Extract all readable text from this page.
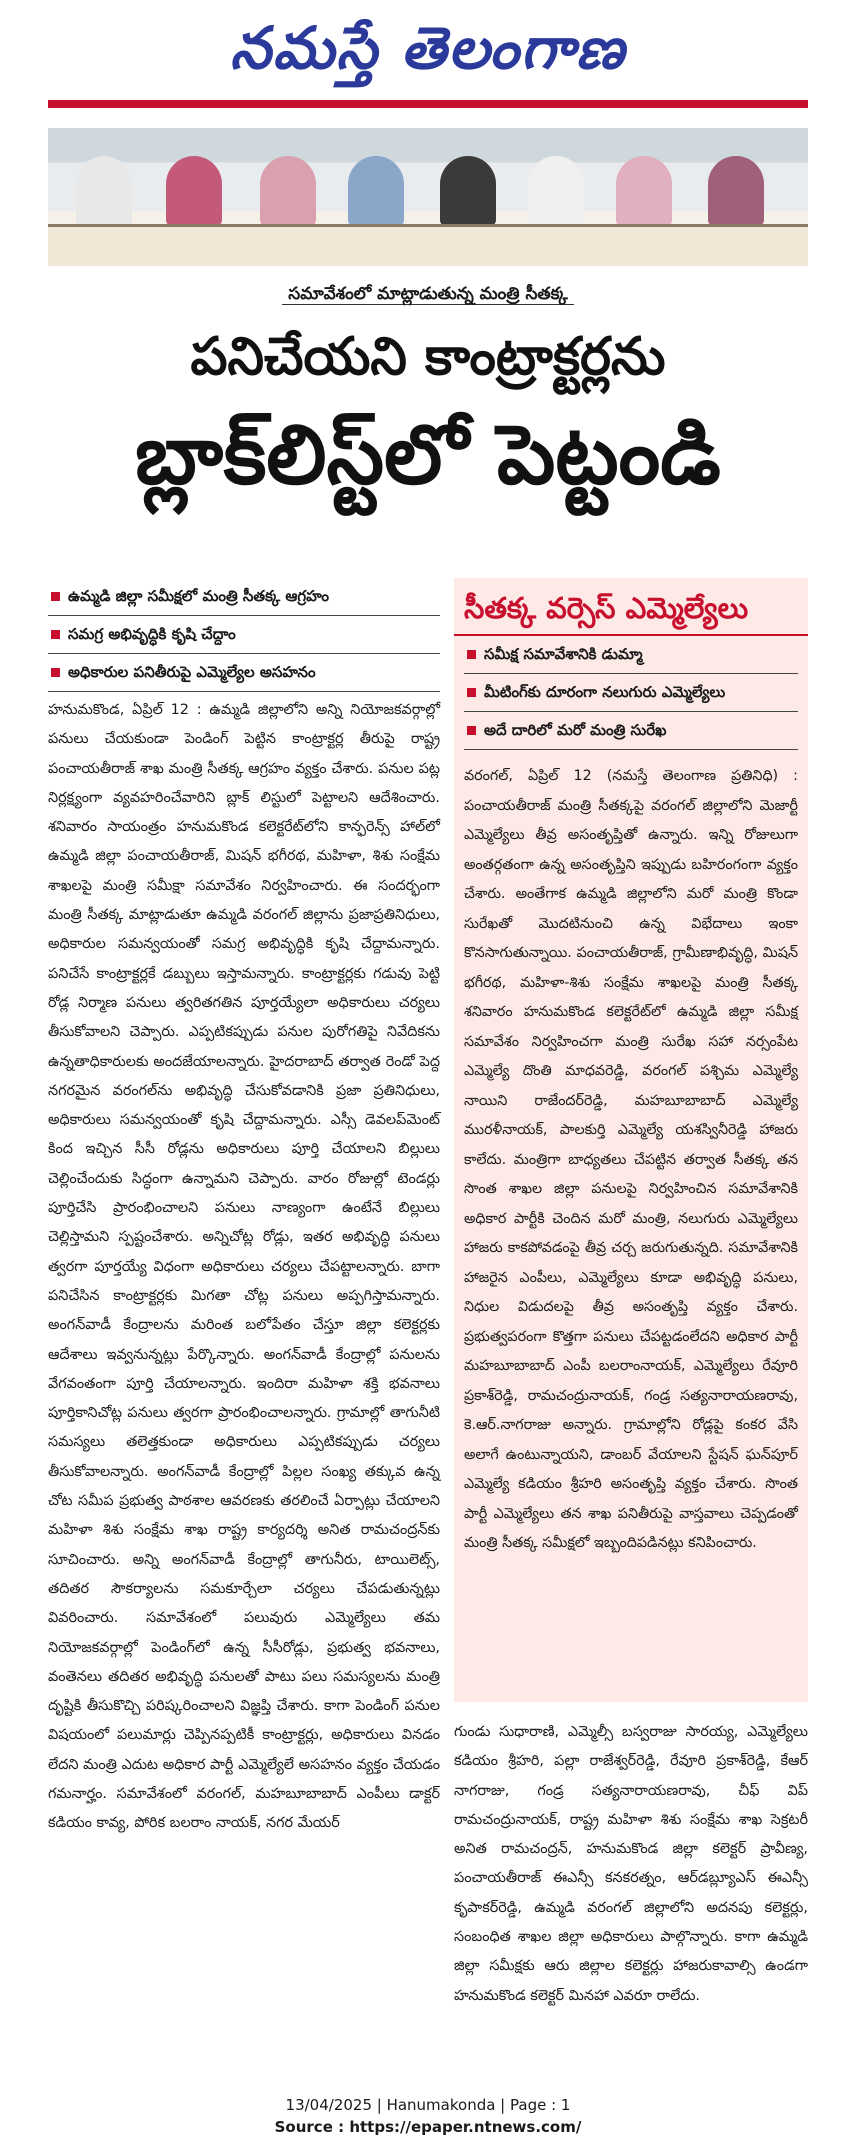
నమస్తే తెలంగాణ
సమావేశంలో మాట్లాడుతున్న మంత్రి సీతక్క
పనిచేయని కాంట్రాక్టర్లను
బ్లాక్‌లిస్ట్‌లో పెట్టండి
ఉమ్మడి జిల్లా సమీక్షలో మంత్రి సీతక్క ఆగ్రహం
సమగ్ర అభివృద్ధికి కృషి చేద్దాం
అధికారుల పనితీరుపై ఎమ్మెల్యేల అసహనం
హనుమకొండ, ఏప్రిల్ 12 : ఉమ్మడి జిల్లాలోని అన్ని నియోజకవర్గాల్లో పనులు చేయకుండా పెండింగ్ పెట్టిన కాంట్రాక్టర్ల తీరుపై రాష్ట్ర పంచాయతీరాజ్ శాఖ మంత్రి సీతక్క ఆగ్రహం వ్యక్తం చేశారు. పనుల పట్ల నిర్లక్ష్యంగా వ్యవహరించేవారిని బ్లాక్ లిస్టులో పెట్టాలని ఆదేశించారు. శనివారం సాయంత్రం హనుమకొండ కలెక్టరేట్‌లోని కాన్ఫరెన్స్ హాల్‌లో ఉమ్మడి జిల్లా పంచాయతీరాజ్, మిషన్ భగీరథ, మహిళా, శిశు సంక్షేమ శాఖలపై మంత్రి సమీక్షా సమావేశం నిర్వహించారు. ఈ సందర్భంగా మంత్రి సీతక్క మాట్లాడుతూ ఉమ్మడి వరంగల్ జిల్లాను ప్రజాప్రతినిధులు, అధికారుల సమన్వయంతో సమగ్ర అభివృద్ధికి కృషి చేద్దామన్నారు. పనిచేసే కాంట్రాక్టర్లకే డబ్బులు ఇస్తామన్నారు. కాంట్రాక్టర్లకు గడువు పెట్టి రోడ్ల నిర్మాణ పనులు త్వరితగతిన పూర్తయ్యేలా అధికారులు చర్యలు తీసుకోవాలని చెప్పారు. ఎప్పటికప్పుడు పనుల పురోగతిపై నివేదికను ఉన్నతాధికారులకు అందజేయాలన్నారు. హైదరాబాద్ తర్వాత రెండో పెద్ద నగరమైన వరంగల్‌ను అభివృద్ధి చేసుకోవడానికి ప్రజా ప్రతినిధులు, అధికారులు సమన్వయంతో కృషి చేద్దామన్నారు. ఎస్సీ డెవలప్‌మెంట్ కింద ఇచ్చిన సీసీ రోడ్లను అధికారులు పూర్తి చేయాలని బిల్లులు చెల్లించేందుకు సిద్ధంగా ఉన్నామని చెప్పారు. వారం రోజుల్లో టెండర్లు పూర్తిచేసి ప్రారంభించాలని పనులు నాణ్యంగా ఉంటేనే బిల్లులు చెల్లిస్తామని స్పష్టంచేశారు. అన్నిచోట్ల రోడ్లు, ఇతర అభివృద్ధి పనులు త్వరగా పూర్తయ్యే విధంగా అధికారులు చర్యలు చేపట్టాలన్నారు. బాగా పనిచేసిన కాంట్రాక్టర్లకు మిగతా చోట్ల పనులు అప్పగిస్తామన్నారు. అంగన్‌వాడీ కేంద్రాలను మరింత బలోపేతం చేస్తూ జిల్లా కలెక్టర్లకు ఆదేశాలు ఇవ్వనున్నట్లు పేర్కొన్నారు. అంగన్‌వాడీ కేంద్రాల్లో పనులను వేగవంతంగా పూర్తి చేయాలన్నారు. ఇందిరా మహిళా శక్తి భవనాలు పూర్తికానిచోట్ల పనులు త్వరగా ప్రారంభించాలన్నారు. గ్రామాల్లో తాగునీటి సమస్యలు తలెత్తకుండా అధికారులు ఎప్పటికప్పుడు చర్యలు తీసుకోవాలన్నారు. అంగన్‌వాడీ కేంద్రాల్లో పిల్లల సంఖ్య తక్కువ ఉన్న చోట సమీప ప్రభుత్వ పాఠశాల ఆవరణకు తరలించే ఏర్పాట్లు చేయాలని మహిళా శిశు సంక్షేమ శాఖ రాష్ట్ర కార్యదర్శి అనిత రామచంద్రన్‌కు సూచించారు. అన్ని అంగన్‌వాడీ కేంద్రాల్లో తాగునీరు, టాయిలెట్స్, తదితర సౌకర్యాలను సమకూర్చేలా చర్యలు చేపడుతున్నట్లు వివరించారు. సమావేశంలో పలువురు ఎమ్మెల్యేలు తమ నియోజకవర్గాల్లో పెండింగ్‌లో ఉన్న సీసీరోడ్లు, ప్రభుత్వ భవనాలు, వంతెనలు తదితర అభివృద్ధి పనులతో పాటు పలు సమస్యలను మంత్రి దృష్టికి తీసుకొచ్చి పరిష్కరించాలని విజ్ఞప్తి చేశారు. కాగా పెండింగ్ పనుల విషయంలో పలుమార్లు చెప్పినప్పటికీ కాంట్రాక్టర్లు, అధికారులు వినడం లేదని మంత్రి ఎదుట అధికార పార్టీ ఎమ్మెల్యేలే అసహనం వ్యక్తం చేయడం గమనార్హం. సమావేశంలో వరంగల్, మహబూబాబాద్ ఎంపీలు డాక్టర్ కడియం కావ్య, పోరిక బలరాం నాయక్, నగర మేయర్
సీతక్క వర్సెస్ ఎమ్మెల్యేలు
సమీక్ష సమావేశానికి డుమ్మా
మీటింగ్‌కు దూరంగా నలుగురు ఎమ్మెల్యేలు
అదే దారిలో మరో మంత్రి సురేఖ
వరంగల్, ఏప్రిల్ 12 (నమస్తే తెలంగాణ ప్రతినిధి) : పంచాయతీరాజ్ మంత్రి సీతక్కపై వరంగల్ జిల్లాలోని మెజార్టీ ఎమ్మెల్యేలు తీవ్ర అసంతృప్తితో ఉన్నారు. ఇన్ని రోజులుగా అంతర్గతంగా ఉన్న అసంతృప్తిని ఇప్పుడు బహిరంగంగా వ్యక్తం చేశారు. అంతేగాక ఉమ్మడి జిల్లాలోని మరో మంత్రి కొండా సురేఖతో మొదటినుంచి ఉన్న విభేదాలు ఇంకా కొనసాగుతున్నాయి. పంచాయతీరాజ్, గ్రామీణాభివృద్ధి, మిషన్ భగీరథ, మహిళా-శిశు సంక్షేమ శాఖలపై మంత్రి సీతక్క శనివారం హనుమకొండ కలెక్టరేట్‌లో ఉమ్మడి జిల్లా సమీక్ష సమావేశం నిర్వహించగా మంత్రి సురేఖ సహా నర్సంపేట ఎమ్మెల్యే దొంతి మాధవరెడ్డి, వరంగల్ పశ్చిమ ఎమ్మెల్యే నాయిని రాజేందర్‌రెడ్డి, మహబూబాబాద్ ఎమ్మెల్యే మురళీనాయక్, పాలకుర్తి ఎమ్మెల్యే యశస్వినీరెడ్డి హాజరు కాలేదు. మంత్రిగా బాధ్యతలు చేపట్టిన తర్వాత సీతక్క తన సొంత శాఖల జిల్లా పనులపై నిర్వహించిన సమావేశానికి అధికార పార్టీకి చెందిన మరో మంత్రి, నలుగురు ఎమ్మెల్యేలు హాజరు కాకపోవడంపై తీవ్ర చర్చ జరుగుతున్నది. సమావేశానికి హాజరైన ఎంపీలు, ఎమ్మెల్యేలు కూడా అభివృద్ధి పనులు, నిధుల విడుదలపై తీవ్ర అసంతృప్తి వ్యక్తం చేశారు. ప్రభుత్వపరంగా కొత్తగా పనులు చేపట్టడంలేదని అధికార పార్టీ మహబూబాబాద్ ఎంపీ బలరాంనాయక్, ఎమ్మెల్యేలు రేవూరి ప్రకాశ్‌రెడ్డి, రామచంద్రునాయక్, గండ్ర సత్యనారాయణరావు, కె.ఆర్.నాగరాజు అన్నారు. గ్రామాల్లోని రోడ్లపై కంకర వేసి అలాగే ఉంటున్నాయని, డాంబర్ వేయాలని స్టేషన్ ఘన్‌పూర్ ఎమ్మెల్యే కడియం శ్రీహరి అసంతృప్తి వ్యక్తం చేశారు. సొంత పార్టీ ఎమ్మెల్యేలు తన శాఖ పనితీరుపై వాస్తవాలు చెప్పడంతో మంత్రి సీతక్క సమీక్షలో ఇబ్బందిపడినట్లు కనిపించారు.
గుండు సుధారాణి, ఎమ్మెల్సీ బస్వరాజు సారయ్య, ఎమ్మెల్యేలు కడియం శ్రీహరి, పల్లా రాజేశ్వర్‌రెడ్డి, రేవూరి ప్రకాశ్‌రెడ్డి, కేఆర్ నాగరాజు, గండ్ర సత్యనారాయణరావు, చీఫ్ విప్ రామచంద్రునాయక్, రాష్ట్ర మహిళా శిశు సంక్షేమ శాఖ సెక్రటరీ అనిత రామచంద్రన్, హనుమకొండ జిల్లా కలెక్టర్ ప్రావీణ్య, పంచాయతీరాజ్ ఈఎన్సీ కనకరత్నం, ఆర్‌డబ్ల్యూఎస్ ఈఎన్సీ కృపాకర్‌రెడ్డి, ఉమ్మడి వరంగల్ జిల్లాలోని అదనపు కలెక్టర్లు, సంబంధిత శాఖల జిల్లా అధికారులు పాల్గొన్నారు. కాగా ఉమ్మడి జిల్లా సమీక్షకు ఆరు జిల్లాల కలెక్టర్లు హాజరుకావాల్సి ఉండగా హనుమకొండ కలెక్టర్ మినహా ఎవరూ రాలేదు.
13/04/2025 | Hanumakonda | Page : 1
Source : https://epaper.ntnews.com/
